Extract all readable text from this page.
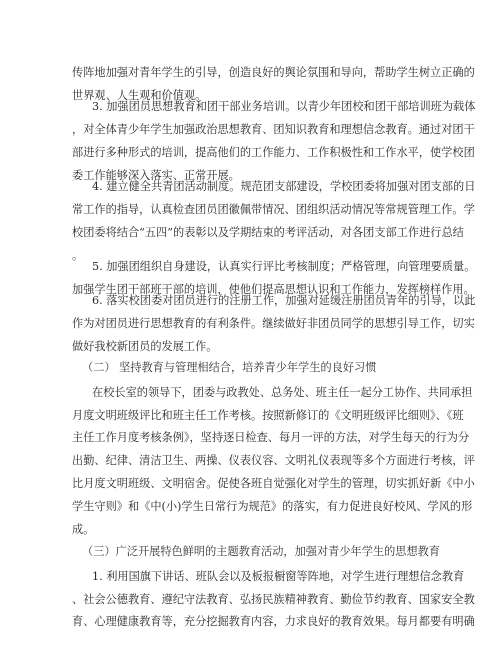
传阵地加强对青年学生的引导，创造良好的舆论氛围和导向，帮助学生树立正确的
世界观、人生观和价值观。
3. 加强团员思想教育和团干部业务培训。以青少年团校和团干部培训班为载体
，对全体青少年学生加强政治思想教育、团知识教育和理想信念教育。通过对团干
部进行多种形式的培训，提高他们的工作能力、工作积极性和工作水平，使学校团
委工作能够深入落实、正常开展。
4. 建立健全共青团活动制度。规范团支部建设，学校团委将加强对团支部的日
常工作的指导，认真检查团员团徽佩带情况、团组织活动情况等常规管理工作。学
校团委将结合“五四”的表彰以及学期结束的考评活动，对各团支部工作进行总结
。
5. 加强团组织自身建设，认真实行评比考核制度；严格管理，向管理要质量。
加强学生团干部班干部的培训，使他们提高思想认识和工作能力，发挥榜样作用。
6. 落实校团委对团员进行的注册工作，加强对延缓注册团员青年的引导，以此
作为对团员进行思想教育的有利条件。继续做好非团员同学的思想引导工作，切实
做好我校新团员的发展工作。
（二） 坚持教育与管理相结合，培养青少年学生的良好习惯
在校长室的领导下，团委与政教处、总务处、班主任一起分工协作、共同承担
月度文明班级评比和班主任工作考核。按照新修订的《文明班级评比细则》、《班
主任工作月度考核条例》，坚持逐日检查、每月一评的方法，对学生每天的行为分
出勤、纪律、清洁卫生、两操、仪表仪容、文明礼仪表现等多个方面进行考核，评
比月度文明班级、文明宿舍。促使各班自觉强化对学生的管理，切实抓好新《中小
学生守则》和《中(小)学生日常行为规范》的落实，有力促进良好校风、学风的形
成。
（三）广泛开展特色鲜明的主题教育活动，加强对青少年学生的思想教育
1. 利用国旗下讲话、班队会以及板报橱窗等阵地，对学生进行理想信念教育
、社会公德教育、遵纪守法教育、弘扬民族精神教育、勤俭节约教育、国家安全教
育、心理健康教育等，充分挖掘教育内容，力求良好的教育效果。每月都要有明确
